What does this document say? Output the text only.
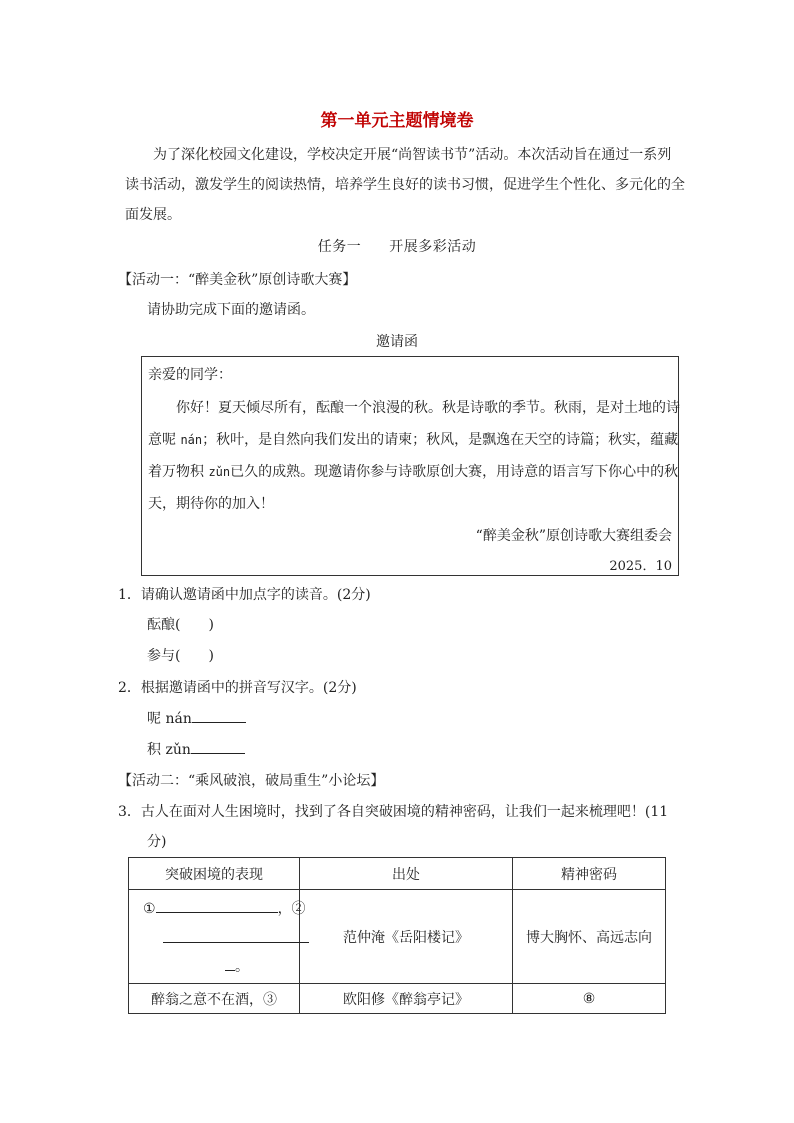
第一单元主题情境卷

为了深化校园文化建设，学校决定开展“尚智读书节”活动。本次活动旨在通过一系列读书活动，激发学生的阅读热情，培养学生良好的读书习惯，促进学生个性化、多元化的全面发展。

任务一 开展多彩活动
【活动一：“醉美金秋”原创诗歌大赛】
请协助完成下面的邀请函。
邀请函
亲爱的同学：
你好！夏天倾尽所有，酝酿一个浪漫的秋。秋是诗歌的季节。秋雨，是对土地的诗
意呢 nán；秋叶，是自然向我们发出的请柬；秋风，是飘逸在天空的诗篇；秋实，蕴藏
着万物积 zǔn已久的成熟。现邀请你参与诗歌原创大赛，用诗意的语言写下你心中的秋
天，期待你的加入！
“醉美金秋”原创诗歌大赛组委会
2025．10
1．请确认邀请函中加点字的读音。(2分)
酝酿(　　)
参与(　　)
2．根据邀请函中的拼音写汉字。(2分)
呢 nán
积 zǔn
【活动二：“乘风破浪，破局重生”小论坛】
3．古人在面对人生困境时，找到了各自突破困境的精神密码，让我们一起来梳理吧！(11
分)
突破困境的表现	出处	精神密码

① ，②
。	范仲淹《岳阳楼记》	博大胸怀、高远志向
醉翁之意不在酒，③	欧阳修《醉翁亭记》	⑧
